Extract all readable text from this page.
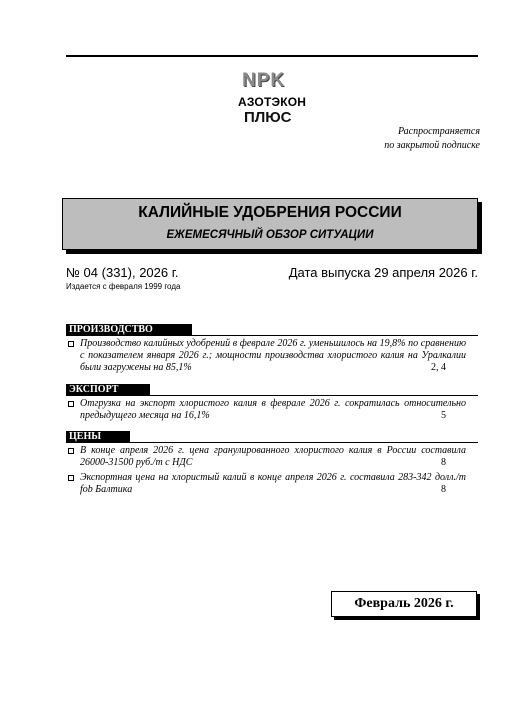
NPK
АЗОТЭКОН
ПЛЮС
Распространяется
по закрытой подписке
КАЛИЙНЫЕ УДОБРЕНИЯ РОССИИ
ЕЖЕМЕСЯЧНЫЙ ОБЗОР СИТУАЦИИ
№ 04 (331), 2026 г.	Дата выпуска 29 апреля 2026 г.
Издается с февраля 1999 года
ПРОИЗВОДСТВО
Производство калийных удобрений в феврале 2026 г. уменьшилось на 19,8% по сравнению с показателем января 2026 г.; мощности производства хлористого калия на Уралкалии были загружены на 85,1%	2, 4
ЭКСПОРТ
Отгрузка на экспорт хлористого калия в феврале 2026 г. сократилась относительно предыдущего месяца на 16,1%	5
ЦЕНЫ
В конце апреля 2026 г. цена гранулированного хлористого калия в России составила 26000-31500 руб./т с НДС	8
Экспортная цена на хлористый калий в конце апреля 2026 г. составила 283-342 долл./т fob Балтика	8
Февраль 2026 г.
